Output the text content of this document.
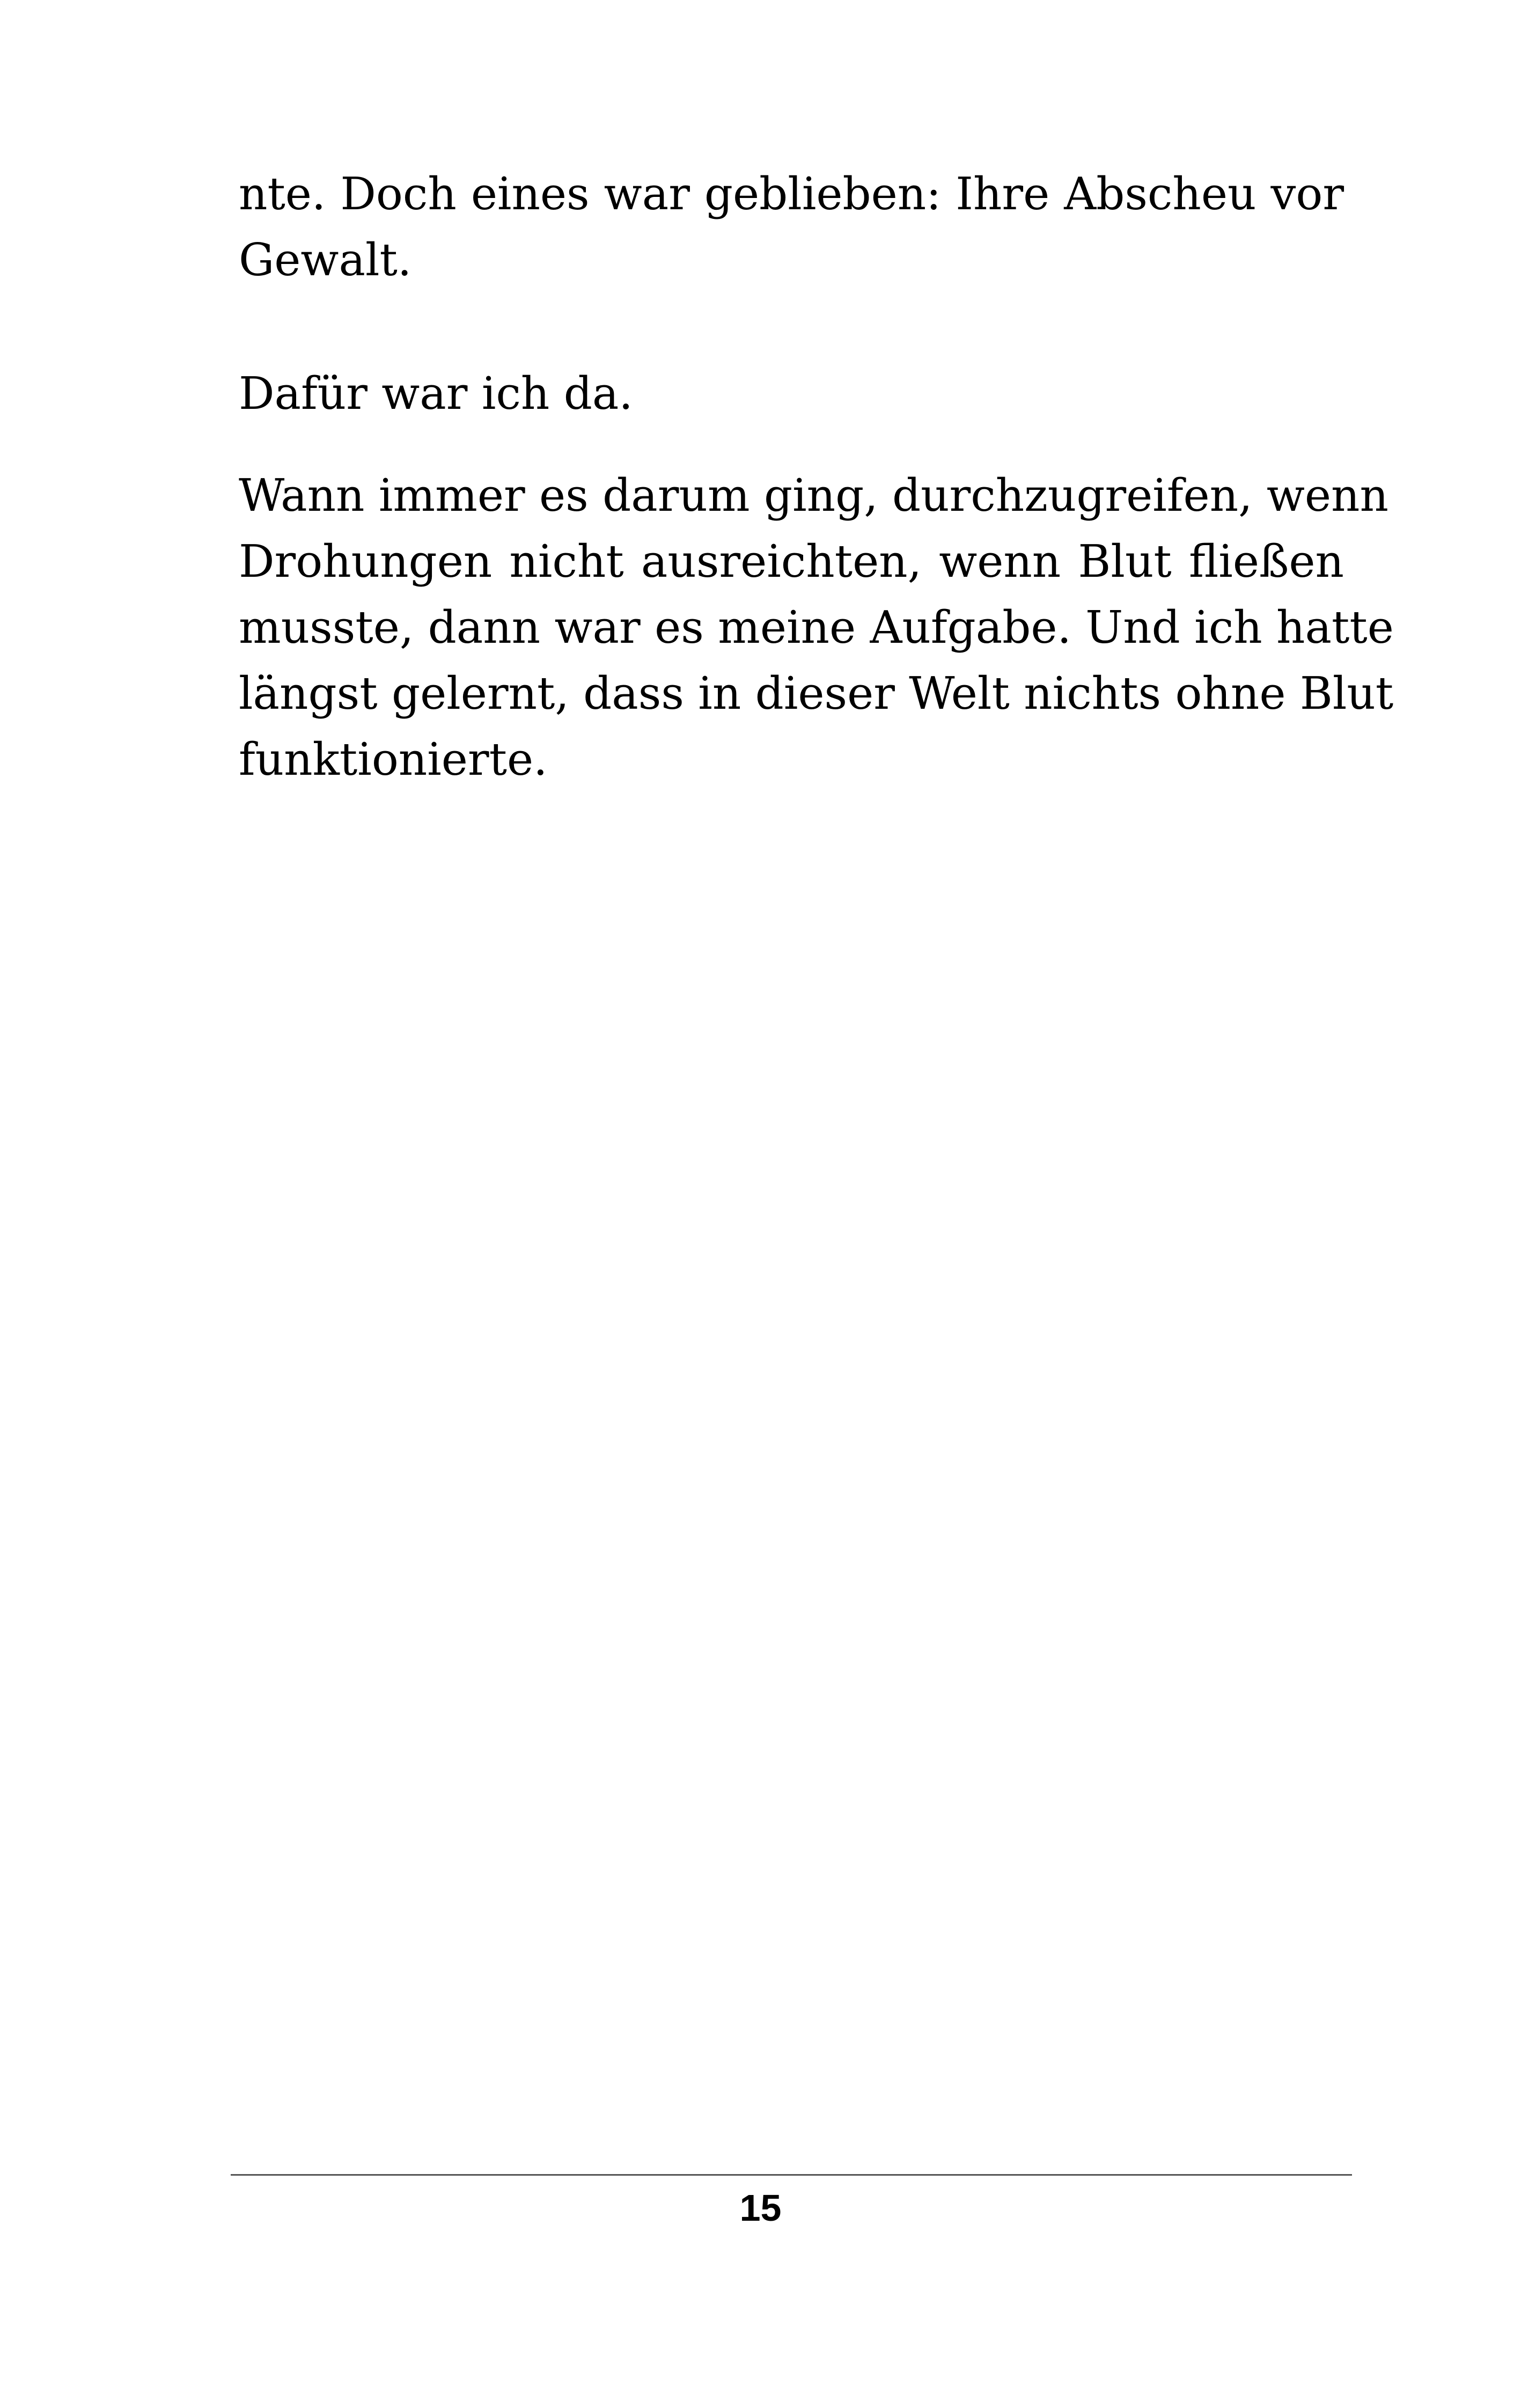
nte. Doch eines war geblieben: Ihre Abscheu vor
Gewalt.
Dafür war ich da.
Wann immer es darum ging, durchzugreifen, wenn
Drohungen nicht ausreichten, wenn Blut fließen
musste, dann war es meine Aufgabe. Und ich hatte
längst gelernt, dass in dieser Welt nichts ohne Blut
funktionierte.
15
